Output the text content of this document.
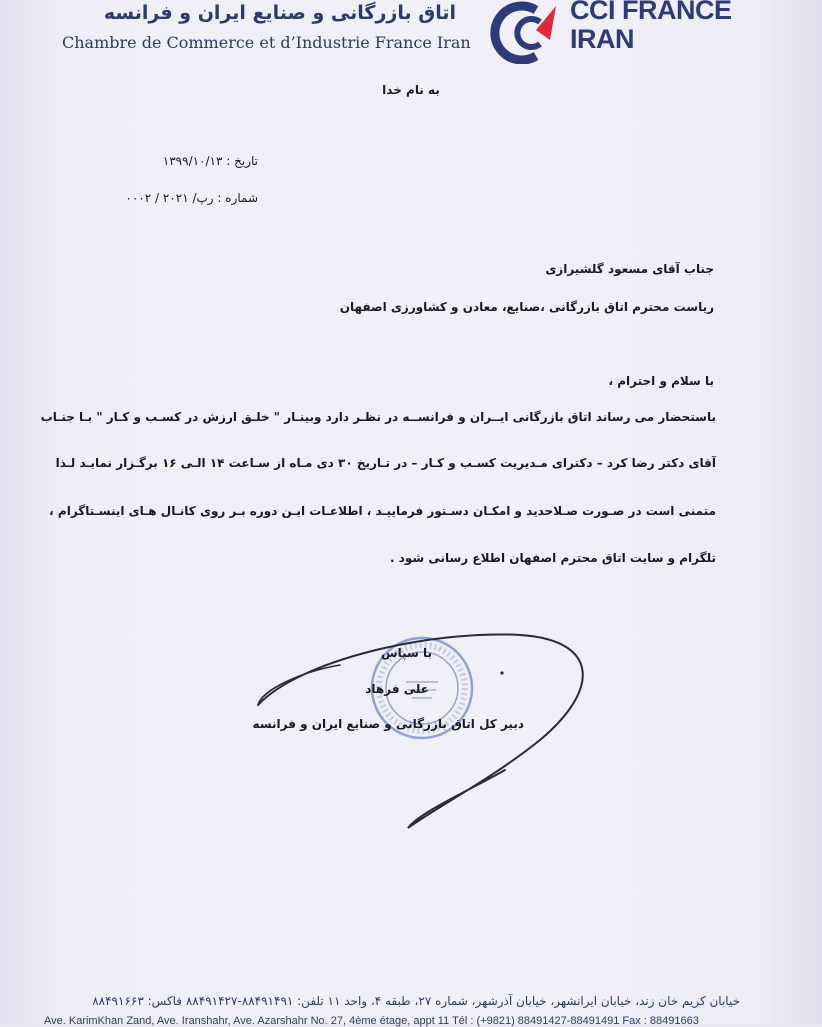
اتاق بازرگانی و صنایع ایران و فرانسه
Chambre de Commerce et d’Industrie France Iran
CCI FRANCE
IRAN
به نام خدا
تاریخ : ۱۳۹۹/۱۰/۱۳
شماره : رپ/ ۲۰۲۱ / ۰۰۰۲
جناب آقای مسعود گلشیرازی
ریاست محترم اتاق بازرگانی ،صنایع، معادن و کشاورزی اصفهان
با سلام و احترام ،
باستحضار می رساند اتاق بازرگانی ایــران و فرانســه در نظـر دارد وبینـار " خلـق ارزش در کسـب و کـار " بـا جنـاب
آقای دکتر رضا کرد – دکترای مـدیریت کسـب و کـار – در تـاریخ ۳۰ دی مـاه از سـاعت ۱۴ الـی ۱۶ برگـزار نمایـد لـذا
متمنی است در صـورت صـلاحدید و امکـان دسـتور فرماییـد ، اطلاعـات ایـن دوره بـر روی کانـال هـای اینسـتاگرام ،
تلگرام و سایت اتاق محترم اصفهان اطلاع رسانی شود .
با سپاس
علی فرهاد
دبیر کل اتاق بازرگانی و صنایع ایران و فرانسه
خیابان کریم خان زند، خیابان ایرانشهر، خیابان آذرشهر، شماره ۲۷، طبقه ۴، واحد ۱۱ تلفن: ۸۸۴۹۱۴۹۱-۸۸۴۹۱۴۲۷ فاکس: ۸۸۴۹۱۶۶۳
Ave. KarimKhan Zand, Ave. Iranshahr, Ave. Azarshahr No. 27, 4ème étage, appt 11 Tél : (+9821) 88491427-88491491 Fax : 88491663
